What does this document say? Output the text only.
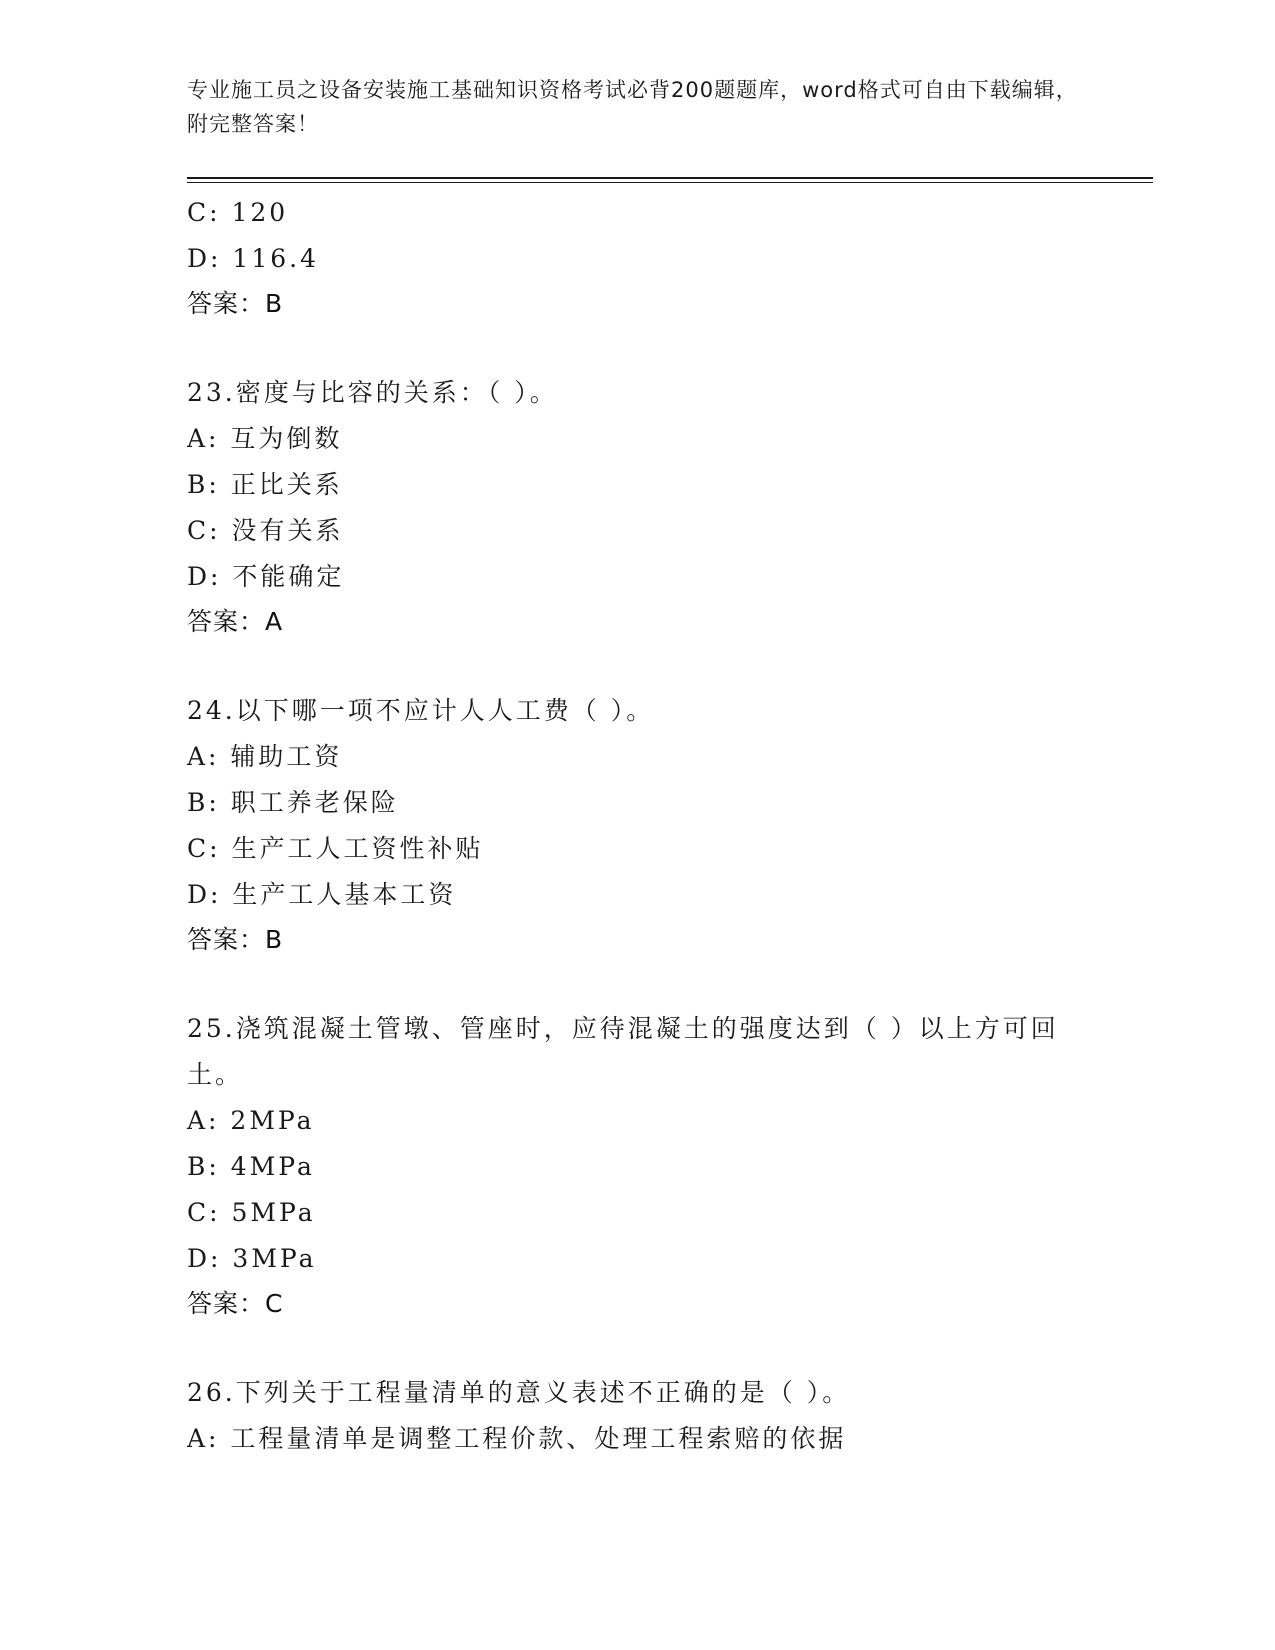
专业施工员之设备安装施工基础知识资格考试必背200题题库，word格式可自由下载编辑，附完整答案！
C: 120
D: 116.4
答案：B
23.密度与比容的关系：（ ）。
A: 互为倒数
B: 正比关系
C: 没有关系
D: 不能确定
答案：A
24.以下哪一项不应计人人工费（ ）。
A: 辅助工资
B: 职工养老保险
C: 生产工人工资性补贴
D: 生产工人基本工资
答案：B
25.浇筑混凝土管墩、管座时，应待混凝土的强度达到（ ）以上方可回土。
A: 2MPa
B: 4MPa
C: 5MPa
D: 3MPa
答案：C
26.下列关于工程量清单的意义表述不正确的是（ ）。
A: 工程量清单是调整工程价款、处理工程索赔的依据
